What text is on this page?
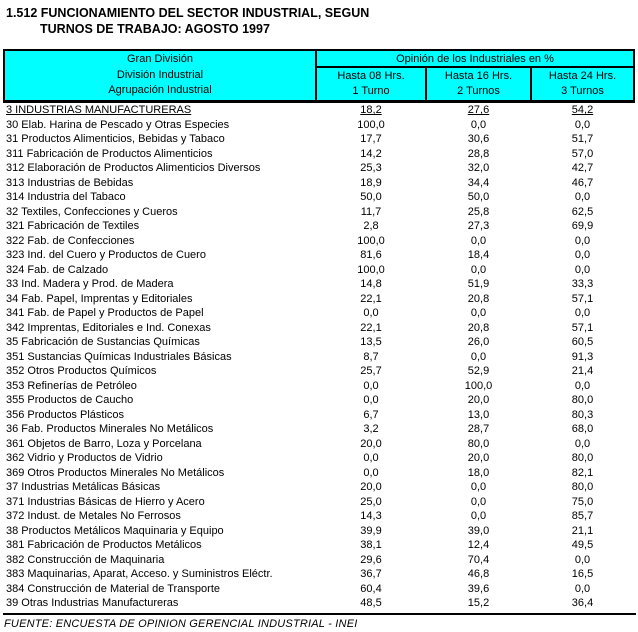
1.512 FUNCIONAMIENTO DEL SECTOR INDUSTRIAL, SEGUN
TURNOS DE TRABAJO: AGOSTO 1997
Gran División
División Industrial
Agrupación Industrial	Opinión de los Industriales en %		

Hasta 08 Hrs.
1 Turno

Hasta 16 Hrs.
2 Turnos

Hasta 24 Hrs.
3 Turnos

3 INDUSTRIAS MANUFACTURERAS	18,2	27,6	54,2
30 Elab. Harina de Pescado y Otras Especies	100,0	0,0	0,0
31 Productos Alimenticios, Bebidas y Tabaco	17,7	30,6	51,7
311 Fabricación de Productos Alimenticios	14,2	28,8	57,0
312 Elaboración de Productos Alimenticios Diversos	25,3	32,0	42,7
313 Industrias de Bebidas	18,9	34,4	46,7
314 Industria del Tabaco	50,0	50,0	0,0
32 Textiles, Confecciones y Cueros	11,7	25,8	62,5
321 Fabricación de Textiles	2,8	27,3	69,9
322 Fab. de Confecciones	100,0	0,0	0,0
323 Ind. del Cuero y Productos de Cuero	81,6	18,4	0,0
324 Fab. de Calzado	100,0	0,0	0,0
33 Ind. Madera y Prod. de Madera	14,8	51,9	33,3
34 Fab. Papel, Imprentas y Editoriales	22,1	20,8	57,1
341 Fab. de Papel y Productos de Papel	0,0	0,0	0,0
342 Imprentas, Editoriales e Ind. Conexas	22,1	20,8	57,1
35 Fabricación de Sustancias Químicas	13,5	26,0	60,5
351 Sustancias Químicas Industriales Básicas	8,7	0,0	91,3
352 Otros Productos Químicos	25,7	52,9	21,4
353 Refinerías de Petróleo	0,0	100,0	0,0
355 Productos de Caucho	0,0	20,0	80,0
356 Productos Plásticos	6,7	13,0	80,3
36 Fab. Productos Minerales No Metálicos	3,2	28,7	68,0
361 Objetos de Barro, Loza y Porcelana	20,0	80,0	0,0
362 Vidrio y Productos de Vidrio	0,0	20,0	80,0
369 Otros Productos Minerales No Metálicos	0,0	18,0	82,1
37 Industrias Metálicas Básicas	20,0	0,0	80,0
371 Industrias Básicas de Hierro y Acero	25,0	0,0	75,0
372 Indust. de Metales No Ferrosos	14,3	0,0	85,7
38 Productos Metálicos Maquinaria y Equipo	39,9	39,0	21,1
381 Fabricación de Productos Metálicos	38,1	12,4	49,5
382 Construcción de Maquinaria	29,6	70,4	0,0
383 Maquinarias, Aparat, Acceso. y Suministros Eléctr.	36,7	46,8	16,5
384 Construcción de Material de Transporte	60,4	39,6	0,0
39 Otras Industrias Manufactureras	48,5	15,2	36,4
FUENTE: ENCUESTA DE OPINION GERENCIAL INDUSTRIAL - INEI
